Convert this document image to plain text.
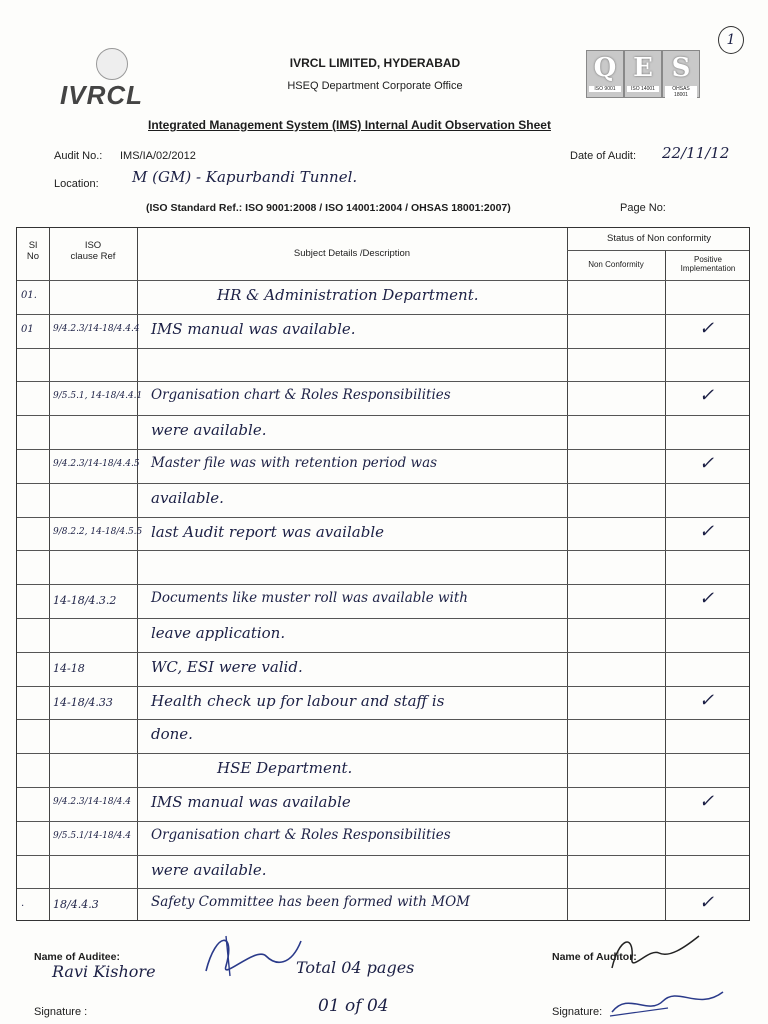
1
IVRCL
IVRCL LIMITED, HYDERABAD
HSEQ Department Corporate Office
Q
ISO 9001
E
ISO 14001
S
OHSAS 18001
Integrated Management System (IMS) Internal Audit Observation Sheet
Audit No.: IMS/IA/02/2012	Date of Audit: 22/11/12
Location: M (GM) - Kapurbandi Tunnel.
(ISO Standard Ref.: ISO 9001:2008 / ISO 14001:2004 / OHSAS 18001:2007)	Page No:
Sl
No
ISO
clause Ref	Subject Details /Description
Status of Non conformity
Non Conformity
Positive
Implementation
01.	HR & Administration Department.
01 9/4.2.3/14-18/4.4.4 IMS manual was available.	✓
9/5.5.1, 14-18/4.4.1 Organisation chart & Roles Responsibilities	✓
were available.
9/4.2.3/14-18/4.4.5 Master file was with retention period was	✓
available.
9/8.2.2, 14-18/4.5.5 last Audit report was available	✓
14-18/4.3.2	Documents like muster roll was available with	✓
leave application.
14-18	WC, ESI were valid.
14-18/4.33	Health check up for labour and staff is	✓
done.
HSE Department.
9/4.2.3/14-18/4.4 IMS manual was available	✓
9/5.5.1/14-18/4.4 Organisation chart & Roles Responsibilities
were available.
.	18/4.4.3	Safety Committee has been formed with MOM	✓
Name of Auditee:
Ravi Kishore	Total 04 pages
01 of 04
Name of Auditor:
Signature :	Signature:
